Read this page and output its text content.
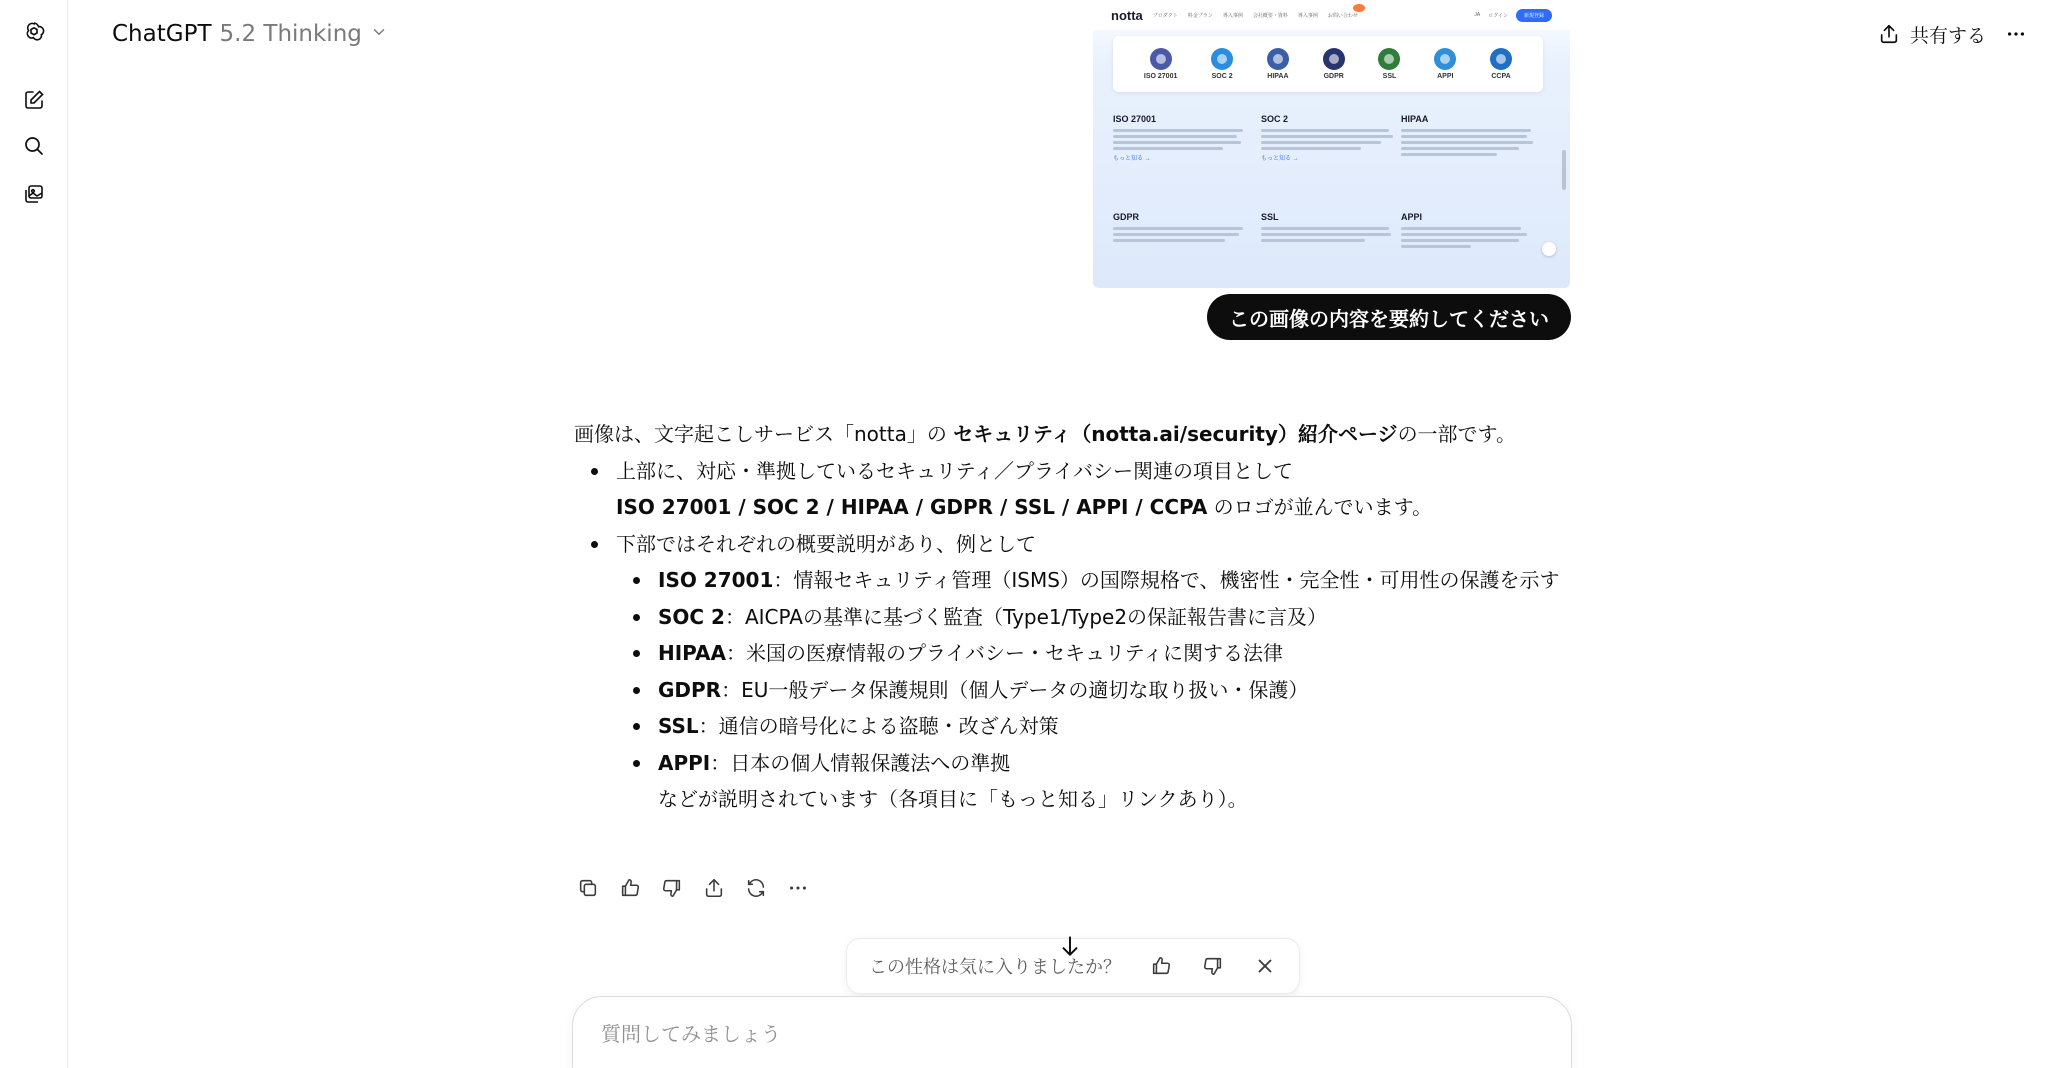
ChatGPT 5.2 Thinking	共有する
notta プロダクト 料金プラン 導入事例 会社概要・資料 導入事例 お問い合わせ	JA ログイン	新規登録
ISO 27001	SOC 2	HIPAA	GDPR	SSL	APPI	CCPA
ISO 27001
もっと知る →
SOC 2
もっと知る →
HIPAA
GDPR	SSL	APPI
この画像の内容を要約してください

画像は、文字起こしサービス「notta」の セキュリティ（notta.ai/security）紹介ページの一部です。

上部に、対応・準拠しているセキュリティ／プライバシー関連の項目として
ISO 27001 / SOC 2 / HIPAA / GDPR / SSL / APPI / CCPA のロゴが並んでいます。
下部ではそれぞれの概要説明があり、例として
ISO 27001：情報セキュリティ管理（ISMS）の国際規格で、機密性・完全性・可用性の保護を示す
SOC 2：AICPAの基準に基づく監査（Type1/Type2の保証報告書に言及）
HIPAA：米国の医療情報のプライバシー・セキュリティに関する法律
GDPR：EU一般データ保護規則（個人データの適切な取り扱い・保護）
SSL：通信の暗号化による盗聴・改ざん対策
APPI：日本の個人情報保護法への準拠
などが説明されています（各項目に「もっと知る」リンクあり）。
この性格は気に入りましたか？
質問してみましょう
